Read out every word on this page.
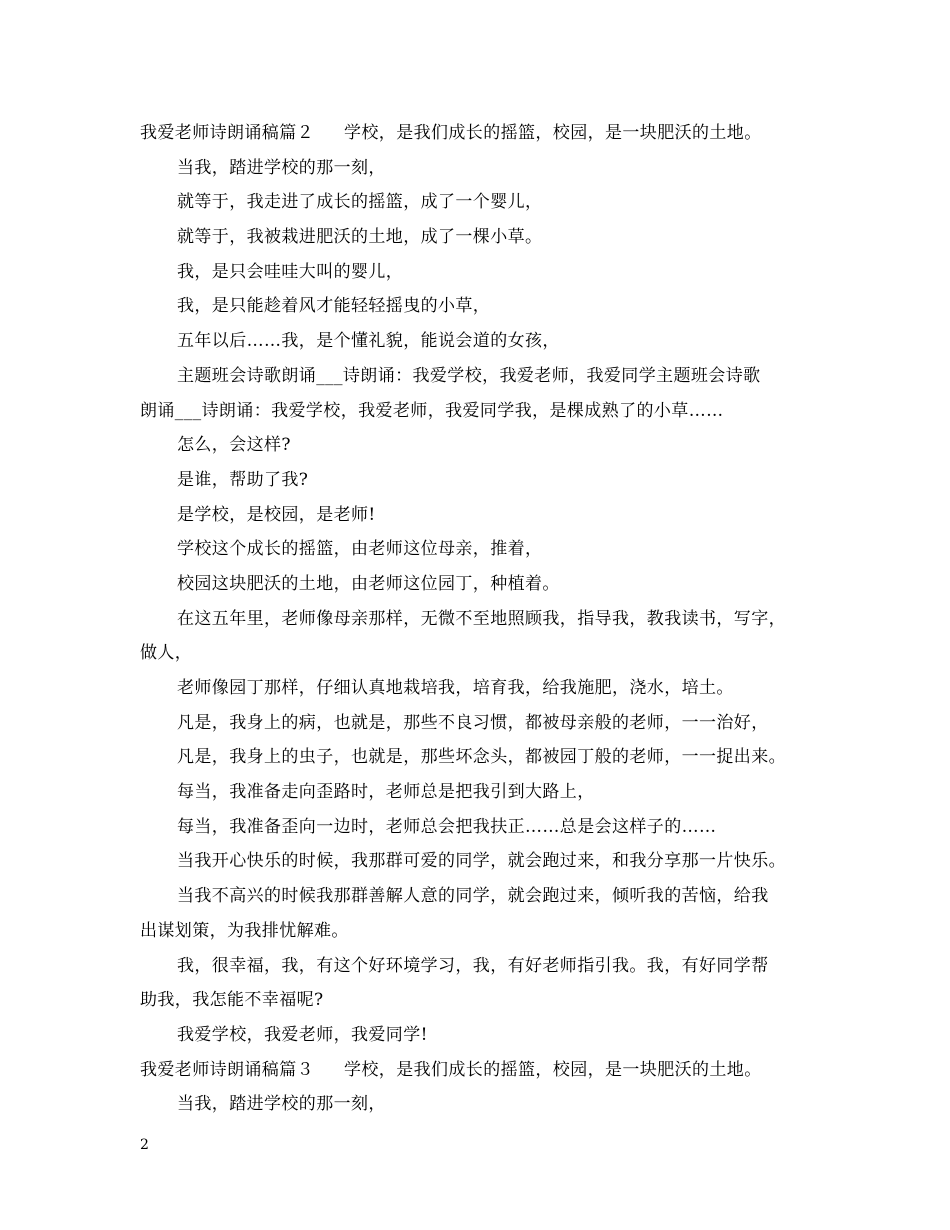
我爱老师诗朗诵稿篇２ 学校，是我们成长的摇篮，校园，是一块肥沃的土地。
当我，踏进学校的那一刻，
就等于，我走进了成长的摇篮，成了一个婴儿，
就等于，我被栽进肥沃的土地，成了一棵小草。
我，是只会哇哇大叫的婴儿，
我，是只能趁着风才能轻轻摇曳的小草，
五年以后……我，是个懂礼貌，能说会道的女孩，
主题班会诗歌朗诵___诗朗诵：我爱学校，我爱老师，我爱同学主题班会诗歌
朗诵___诗朗诵：我爱学校，我爱老师，我爱同学我，是棵成熟了的小草……
怎么，会这样?
是谁，帮助了我?
是学校，是校园，是老师!
学校这个成长的摇篮，由老师这位母亲，推着，
校园这块肥沃的土地，由老师这位园丁，种植着。
在这五年里，老师像母亲那样，无微不至地照顾我，指导我，教我读书，写字，
做人，
老师像园丁那样，仔细认真地栽培我，培育我，给我施肥，浇水，培土。
凡是，我身上的病，也就是，那些不良习惯，都被母亲般的老师，一一治好，
凡是，我身上的虫子，也就是，那些坏念头，都被园丁般的老师，一一捉出来。
每当，我准备走向歪路时，老师总是把我引到大路上，
每当，我准备歪向一边时，老师总会把我扶正……总是会这样子的……
当我开心快乐的时候，我那群可爱的同学，就会跑过来，和我分享那一片快乐。
当我不高兴的时候我那群善解人意的同学，就会跑过来，倾听我的苦恼，给我
出谋划策，为我排忧解难。
我，很幸福，我，有这个好环境学习，我，有好老师指引我。我，有好同学帮
助我，我怎能不幸福呢?
我爱学校，我爱老师，我爱同学!
我爱老师诗朗诵稿篇３ 学校，是我们成长的摇篮，校园，是一块肥沃的土地。
当我，踏进学校的那一刻，
2
